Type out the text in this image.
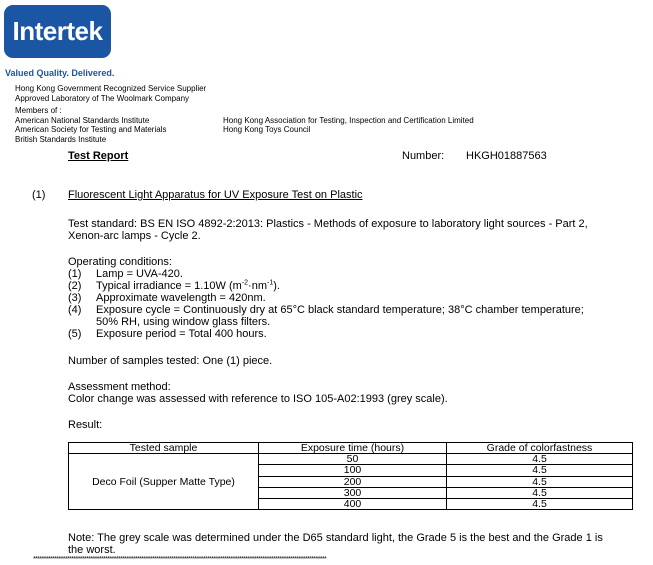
Intertek
Valued Quality. Delivered.
Hong Kong Government Recognized Service Supplier
Approved Laboratory of The Woolmark Company
Members of :
American National Standards Institute
American Society for Testing and Materials
British Standards Institute
Hong Kong Association for Testing, Inspection and Certification Limited
Hong Kong Toys Council
Test Report	Number: HKGH01887563
(1) Fluorescent Light Apparatus for UV Exposure Test on Plastic
Test standard: BS EN ISO 4892-2:2013: Plastics - Methods of exposure to laboratory light sources - Part 2,
Xenon-arc lamps - Cycle 2.
Operating conditions:
(1) Lamp = UVA-420.
(2) Typical irradiance = 1.10W $(m^{-2}\cdot nm^{-1})$.
(3) Approximate wavelength = 420nm.
(4) Exposure cycle = Continuously dry at 65°C black standard temperature; 38°C chamber temperature;
50% RH, using window glass filters.
(5) Exposure period = Total 400 hours.
Number of samples tested: One (1) piece.
Assessment method:
Color change was assessed with reference to ISO 105-A02:1993 (grey scale).
Result:
Tested sample	Exposure time (hours)	Grade of colorfastness
Deco Foil (Supper Matte Type)	50	4.5
	100	4.5
	200	4.5
	300	4.5
	400	4.5
Note: The grey scale was determined under the D65 standard light, the Grade 5 is the best and the Grade 1 is
the worst.
******************************************************************************************************************************************
